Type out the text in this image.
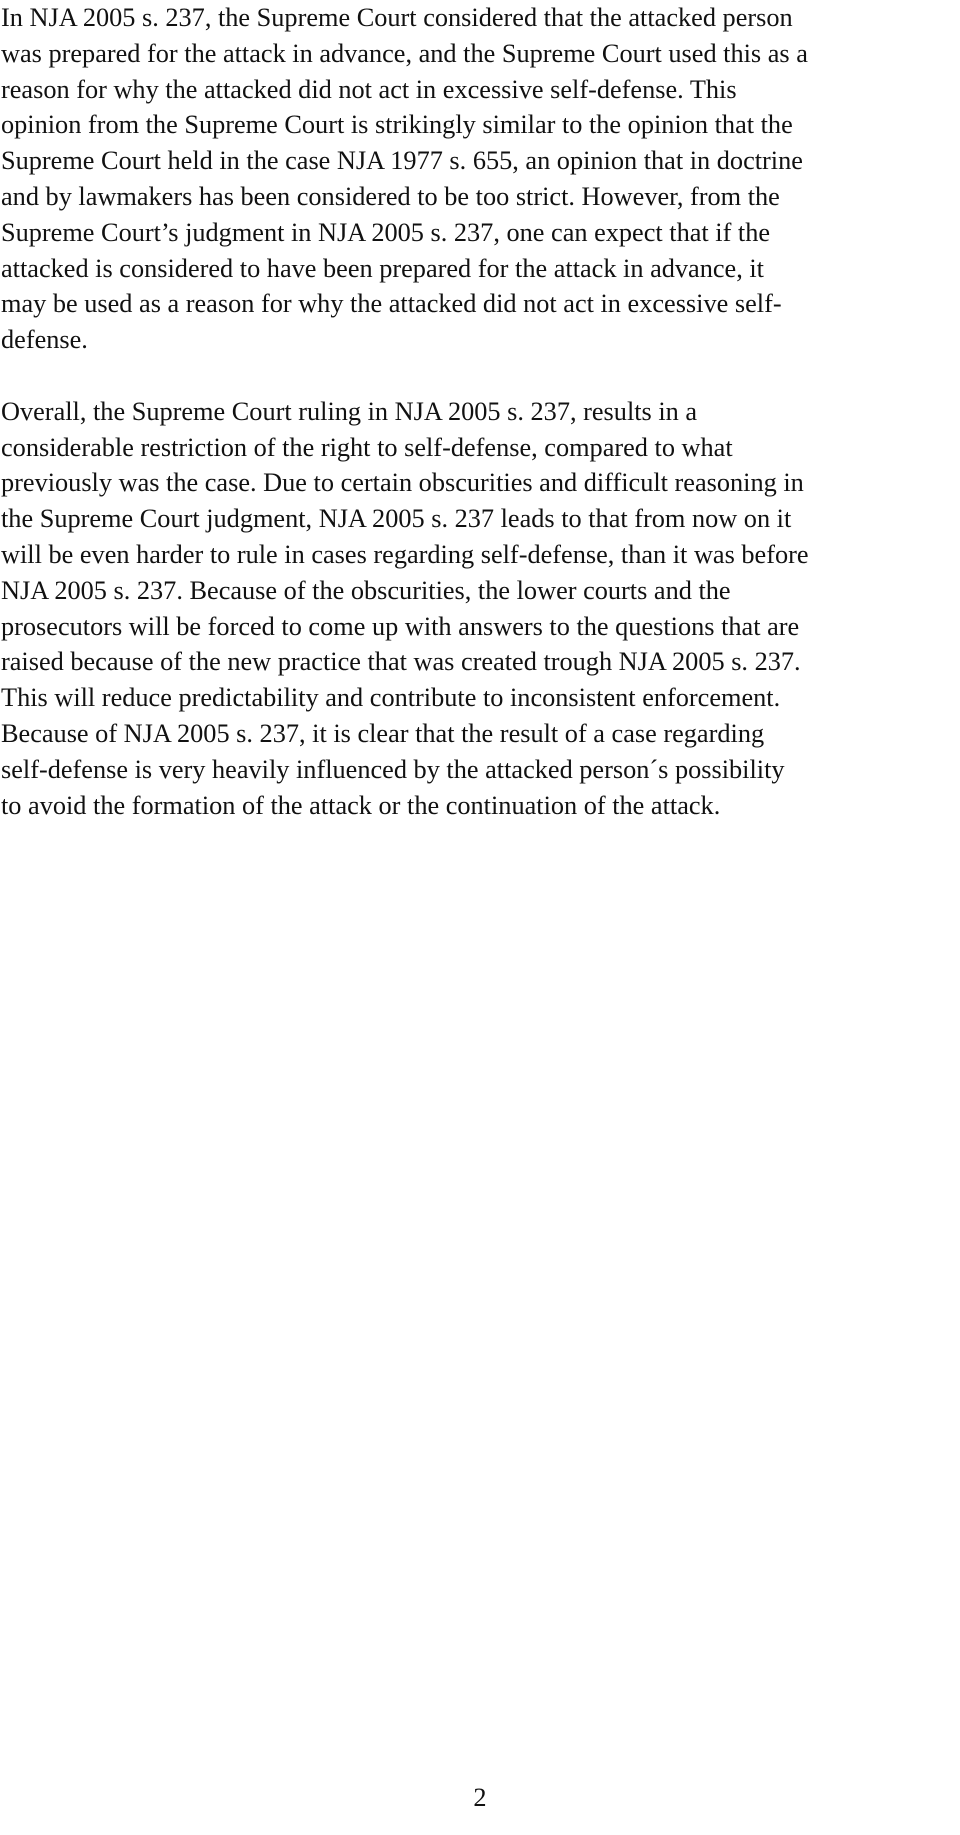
In NJA 2005 s. 237, the Supreme Court considered that the attacked person
was prepared for the attack in advance, and the Supreme Court used this as a
reason for why the attacked did not act in excessive self-defense. This
opinion from the Supreme Court is strikingly similar to the opinion that the
Supreme Court held in the case NJA 1977 s. 655, an opinion that in doctrine
and by lawmakers has been considered to be too strict. However, from the
Supreme Court’s judgment in NJA 2005 s. 237, one can expect that if the
attacked is considered to have been prepared for the attack in advance, it
may be used as a reason for why the attacked did not act in excessive self-
defense.
Overall, the Supreme Court ruling in NJA 2005 s. 237, results in a
considerable restriction of the right to self-defense, compared to what
previously was the case. Due to certain obscurities and difficult reasoning in
the Supreme Court judgment, NJA 2005 s. 237 leads to that from now on it
will be even harder to rule in cases regarding self-defense, than it was before
NJA 2005 s. 237. Because of the obscurities, the lower courts and the
prosecutors will be forced to come up with answers to the questions that are
raised because of the new practice that was created trough NJA 2005 s. 237.
This will reduce predictability and contribute to inconsistent enforcement.
Because of NJA 2005 s. 237, it is clear that the result of a case regarding
self-defense is very heavily influenced by the attacked person´s possibility
to avoid the formation of the attack or the continuation of the attack.
2
